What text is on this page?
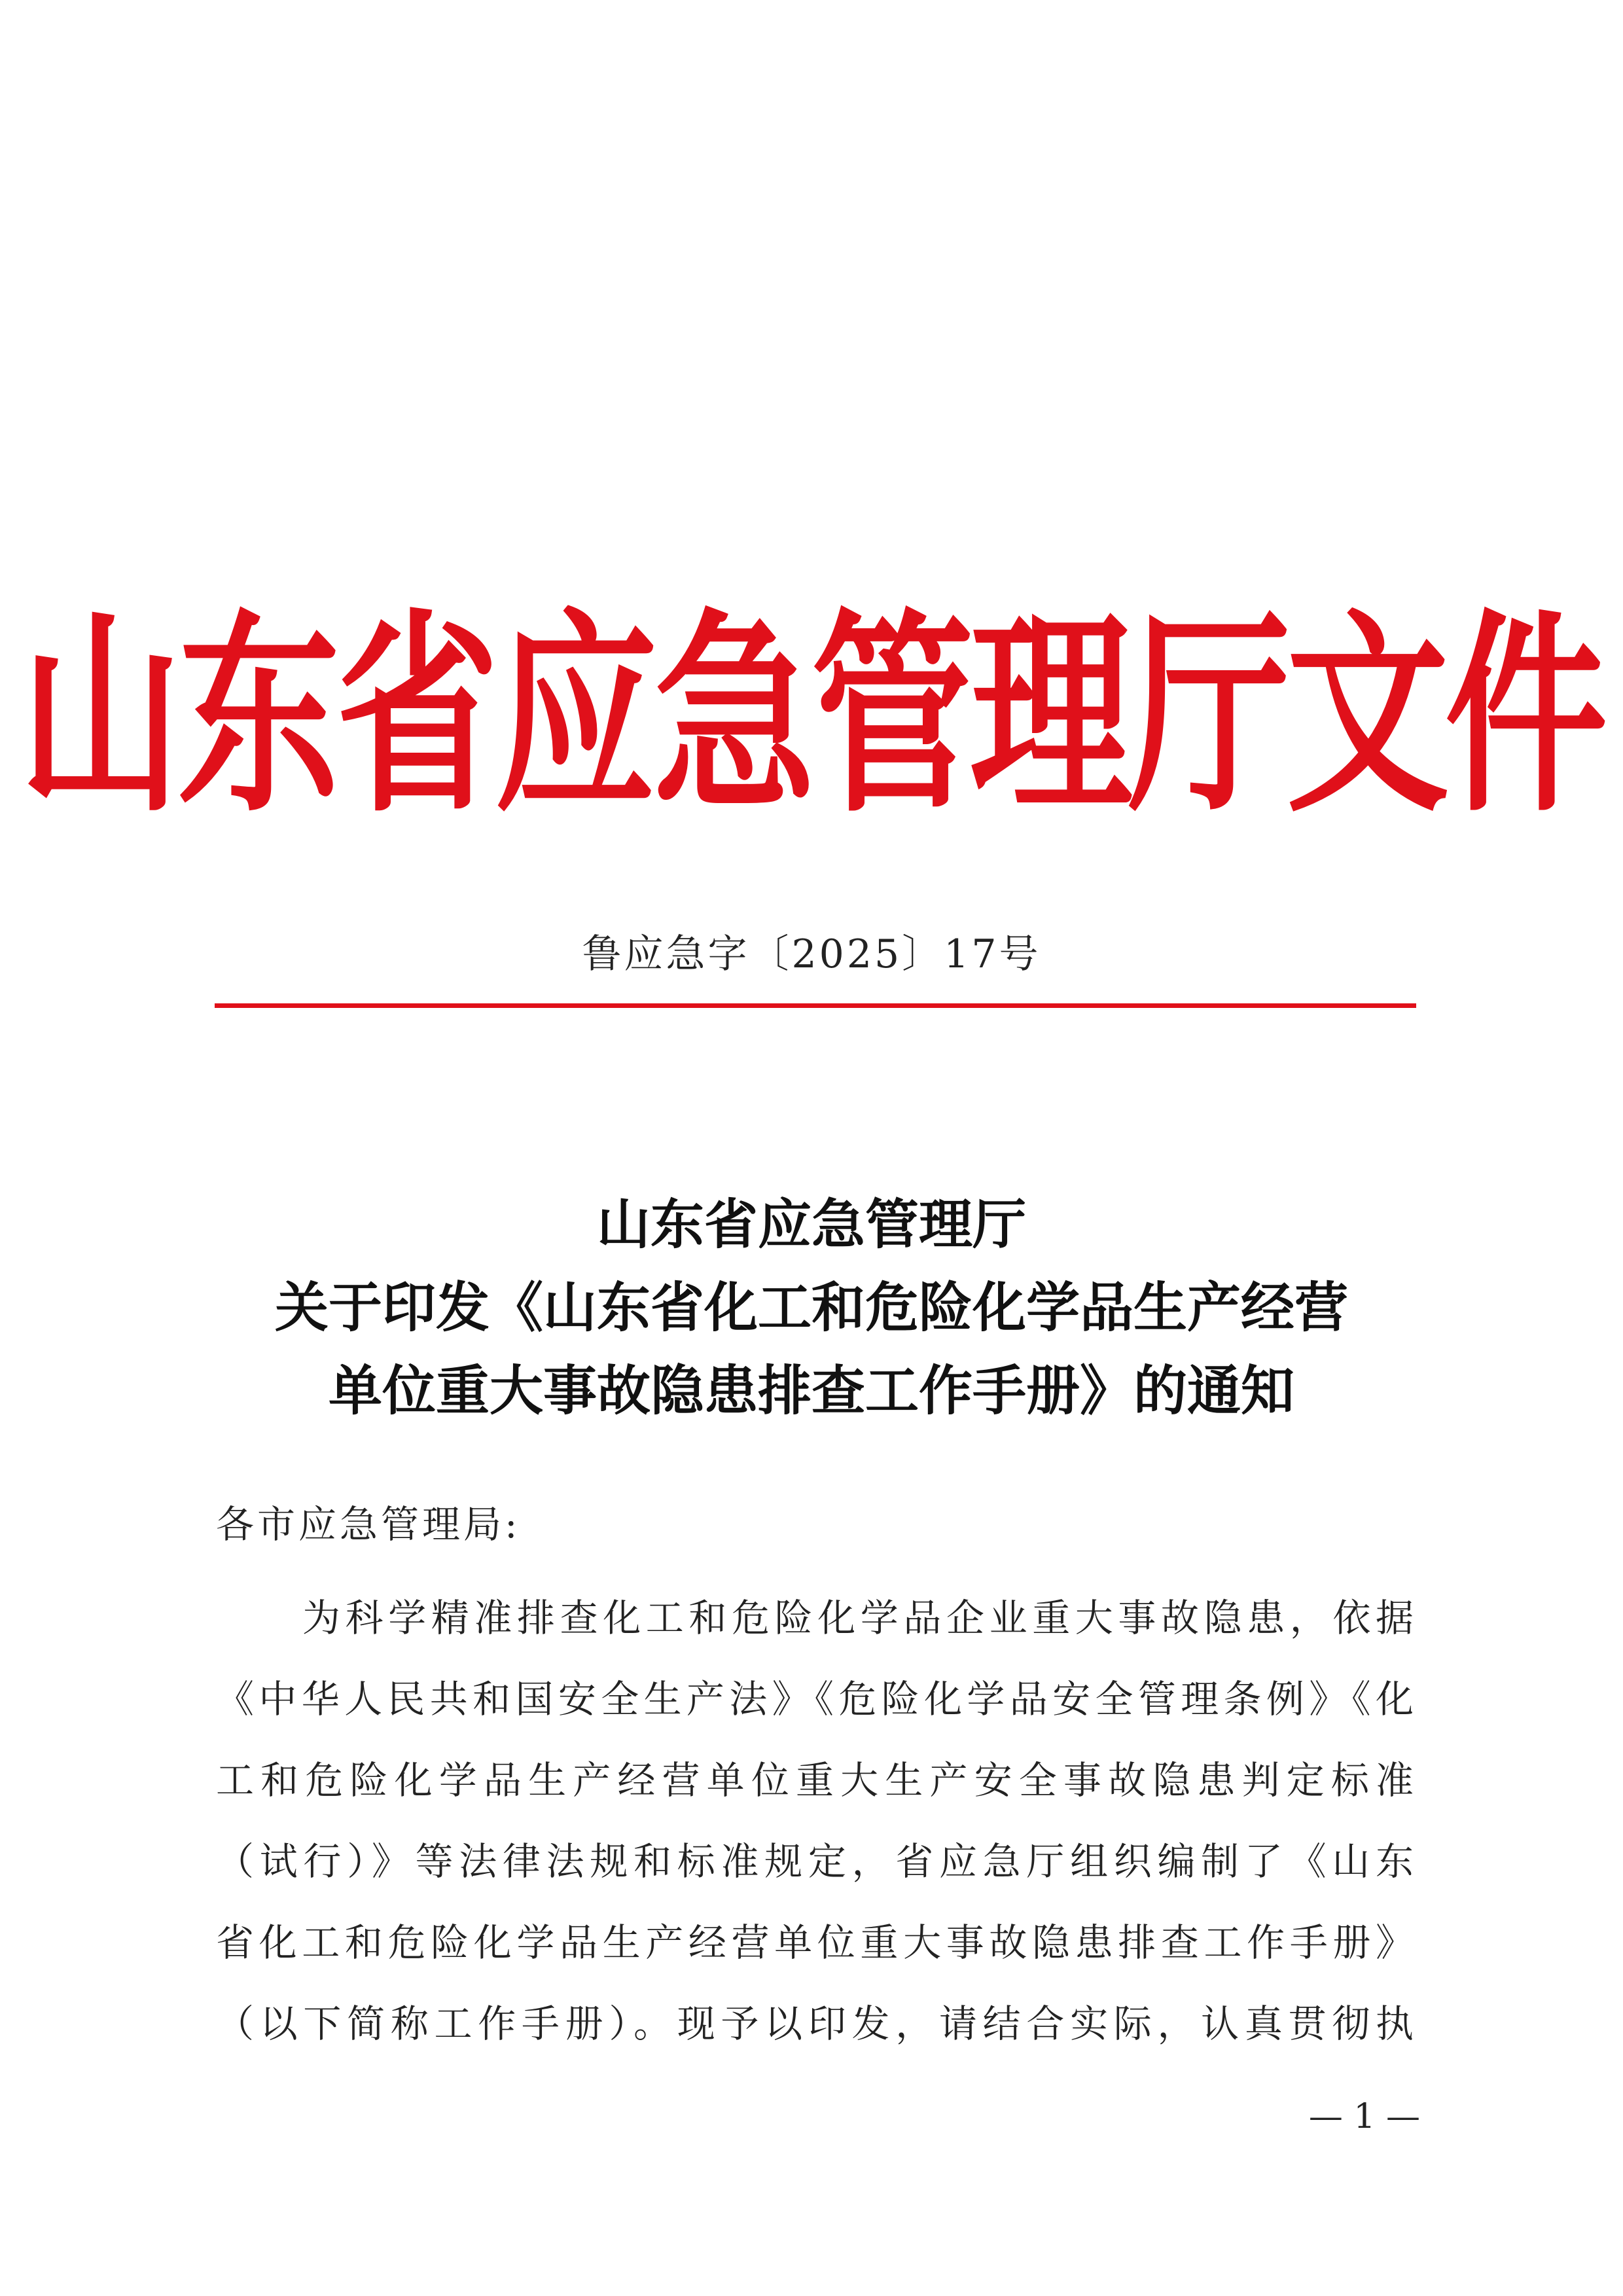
山东省应急管理厅文件
鲁应急字〔2025〕17号
山东省应急管理厅
关于印发《山东省化工和危险化学品生产经营
单位重大事故隐患排查工作手册》的通知
各市应急管理局:
为科学精准排查化工和危险化学品企业重大事故隐患，依据
《中华人民共和国安全生产法》《危险化学品安全管理条例》《化
工和危险化学品生产经营单位重大生产安全事故隐患判定标准
（试行）》等法律法规和标准规定，省应急厅组织编制了《山东
省化工和危险化学品生产经营单位重大事故隐患排查工作手册》
（以下简称工作手册）。现予以印发，请结合实际，认真贯彻执
— 1 —
